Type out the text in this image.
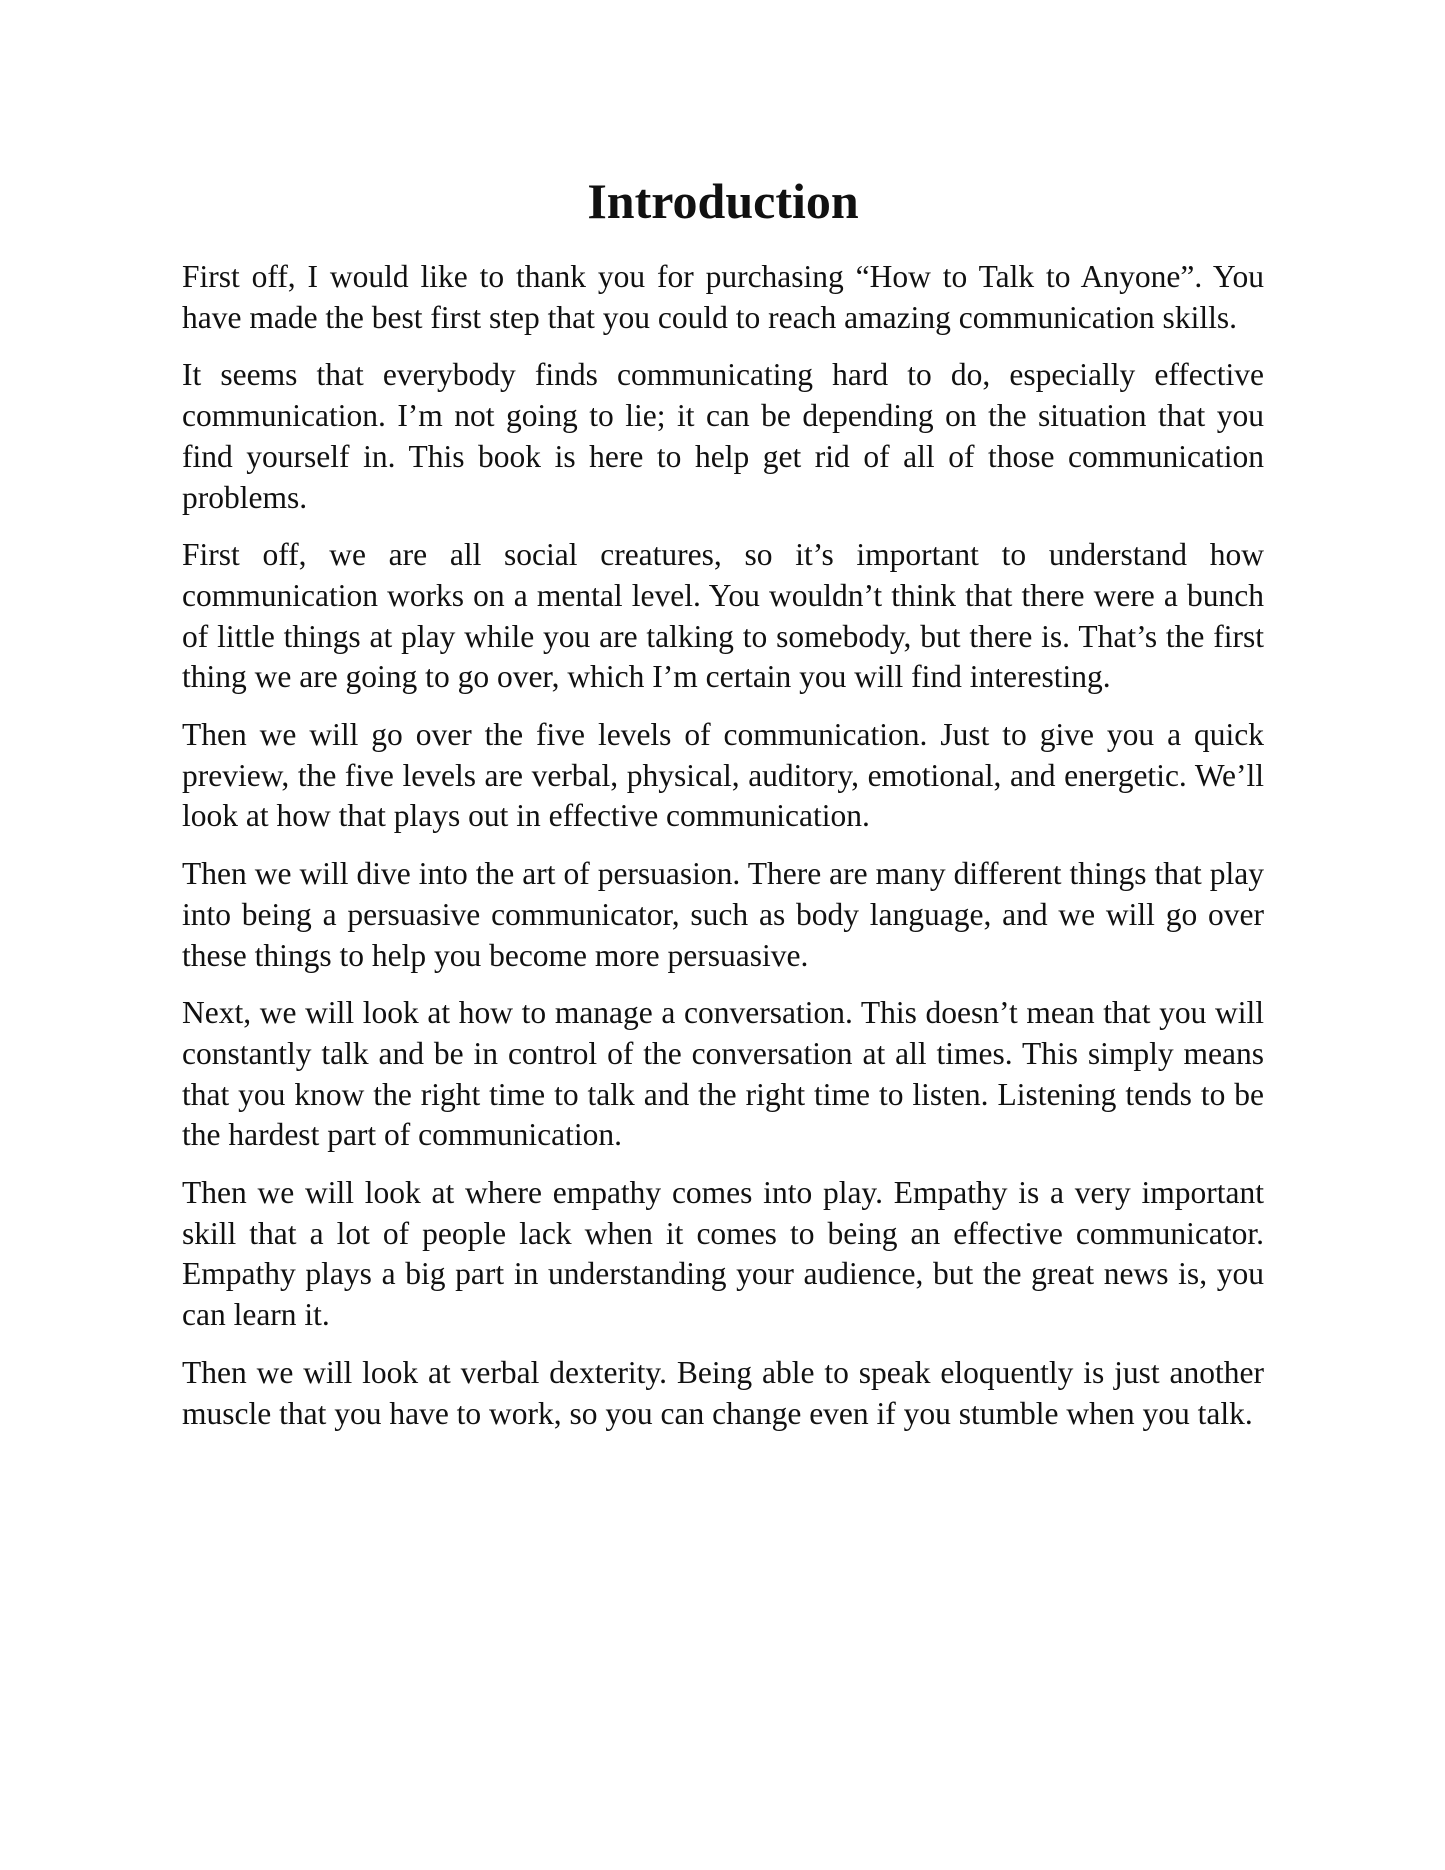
Introduction

First off, I would like to thank you for purchasing “How to Talk to Anyone”. You have made the best first step that you could to reach amazing communication skills.

It seems that everybody finds communicating hard to do, especially effective communication. I’m not going to lie; it can be depending on the situation that you find yourself in. This book is here to help get rid of all of those communication problems.

First off, we are all social creatures, so it’s important to understand how communication works on a mental level. You wouldn’t think that there were a bunch of little things at play while you are talking to somebody, but there is. That’s the first thing we are going to go over, which I’m certain you will find interesting.

Then we will go over the five levels of communication. Just to give you a quick preview, the five levels are verbal, physical, auditory, emotional, and energetic. We’ll look at how that plays out in effective communication.

Then we will dive into the art of persuasion. There are many different things that play into being a persuasive communicator, such as body language, and we will go over these things to help you become more persuasive.

Next, we will look at how to manage a conversation. This doesn’t mean that you will constantly talk and be in control of the conversation at all times. This simply means that you know the right time to talk and the right time to listen. Listening tends to be the hardest part of communication.

Then we will look at where empathy comes into play. Empathy is a very important skill that a lot of people lack when it comes to being an effective communicator. Empathy plays a big part in understanding your audience, but the great news is, you can learn it.

Then we will look at verbal dexterity. Being able to speak eloquently is just another muscle that you have to work, so you can change even if you stumble when you talk.
